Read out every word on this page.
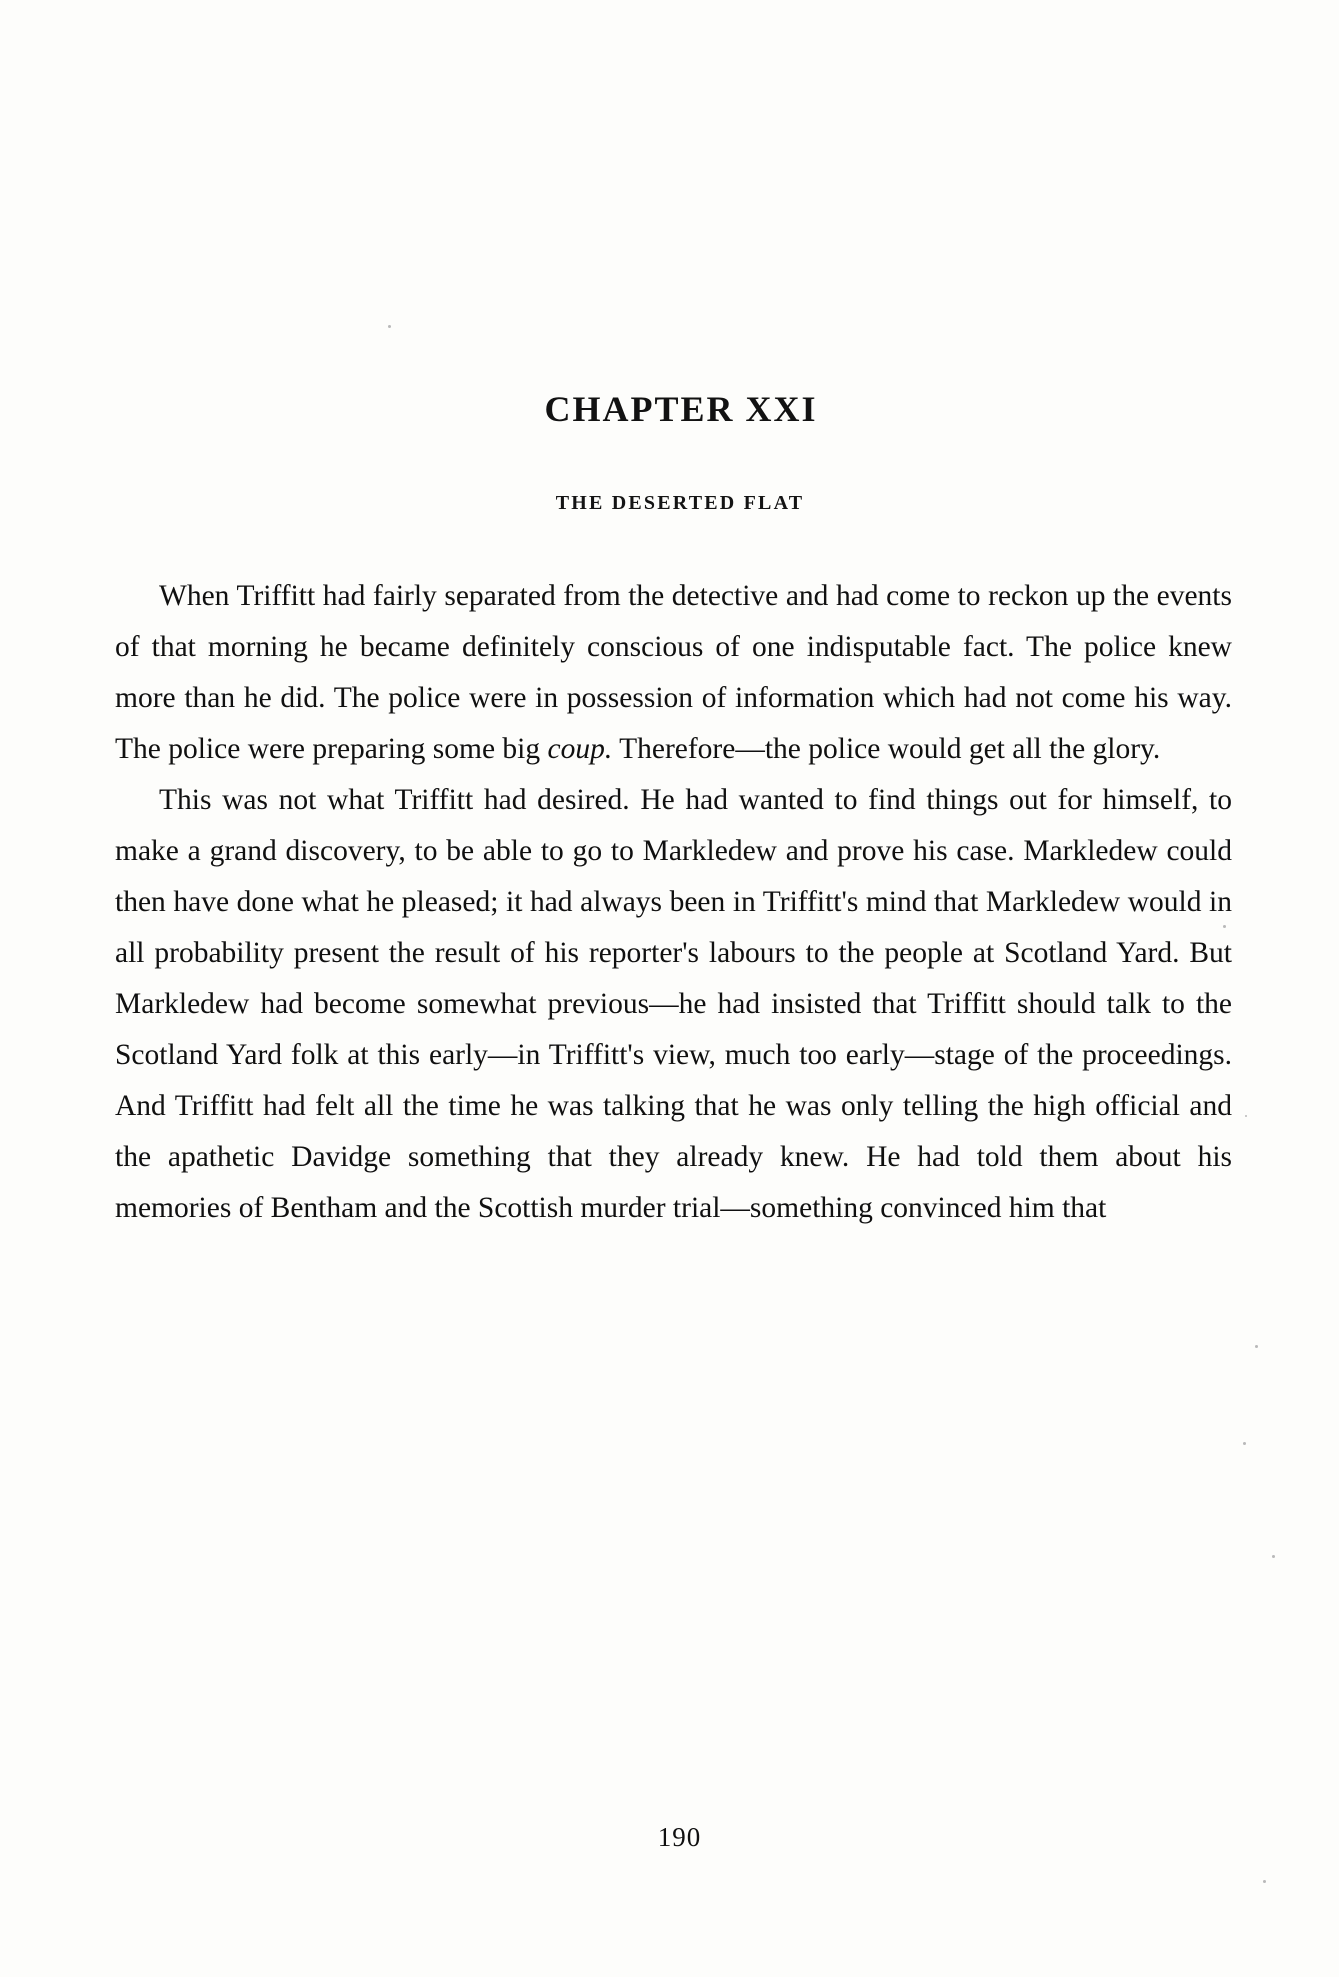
CHAPTER XXI
THE DESERTED FLAT

When Triffitt had fairly separated from the detective and had come to reckon up the events of that morning he became definitely conscious of one indisputable fact. The police knew more than he did. The police were in possession of information which had not come his way. The police were preparing some big coup. Therefore—the police would get all the glory.

This was not what Triffitt had desired. He had wanted to find things out for himself, to make a grand discovery, to be able to go to Markledew and prove his case. Markledew could then have done what he pleased; it had always been in Triffitt's mind that Markledew would in all probability present the result of his reporter's labours to the people at Scotland Yard. But Markledew had become somewhat previous—he had insisted that Triffitt should talk to the Scotland Yard folk at this early—in Triffitt's view, much too early—stage of the proceedings. And Triffitt had felt all the time he was talking that he was only telling the high official and the apathetic Davidge something that they already knew. He had told them about his memories of Bentham and the Scottish murder trial—something convinced him that

190
